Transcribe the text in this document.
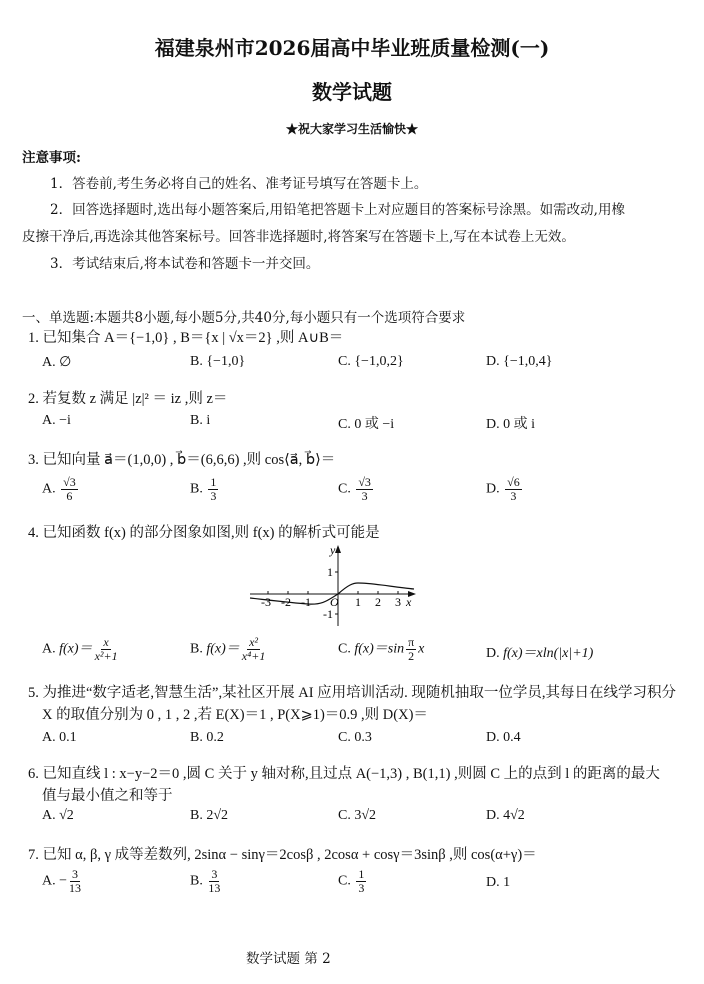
福建泉州市2026届高中毕业班质量检测(一)
数学试题
★祝大家学习生活愉快★
注意事项:
1．答卷前,考生务必将自己的姓名、准考证号填写在答题卡上。
2．回答选择题时,选出每小题答案后,用铅笔把答题卡上对应题目的答案标号涂黑。如需改动,用橡
皮擦干净后,再选涂其他答案标号。回答非选择题时,将答案写在答题卡上,写在本试卷上无效。
3．考试结束后,将本试卷和答题卡一并交回。
一、单选题:本题共8小题,每小题5分,共40分,每小题只有一个选项符合要求
1. 已知集合 A＝{−1,0} , B＝{x | √x＝2} ,则 A∪B＝
A. ∅	B. {−1,0}	C. {−1,0,2}	D. {−1,0,4}
2. 若复数 z 满足 |z|² ＝ iz ,则 z＝
A. −i	B. i	C. 0 或 −i	D. 0 或 i
3. 已知向量 a⃗＝(1,0,0) , b⃗＝(6,6,6) ,则 cos⟨a⃗, b⃗⟩＝
A. $\frac{√3}{6}$	B. $\frac{1}{3}$	C. $\frac{√3}{3}$	D. $\frac{√6}{3}$
4. 已知函数 f(x) 的部分图象如图,则 f(x) 的解析式可能是
y
x
O
-3 -2 -1	1 2 3
1
-1
A. $f(x)= \frac{x}{\text{x²+1}}$	B. $f(x)= \frac{\text{x²}}{\text{x⁴+1}}$	C. $f(x)=\sin \frac{\pi}{2}$ x	D. f(x)＝xln(|x|+1)
5. 为推进“数字适老,智慧生活”,某社区开展 AI 应用培训活动. 现随机抽取一位学员,其每日在线学习积分
X 的取值分别为 0 , 1 , 2 ,若 E(X)＝1 , P(X⩾1)＝0.9 ,则 D(X)＝
A. 0.1	B. 0.2	C. 0.3	D. 0.4
6. 已知直线 l : x−y−2＝0 ,圆 C 关于 y 轴对称,且过点 A(−1,3) , B(1,1) ,则圆 C 上的点到 l 的距离的最大
值与最小值之和等于
A. √2	B. 2√2	C. 3√2	D. 4√2
7. 已知 α, β, γ 成等差数列, 2sinα − sinγ＝2cosβ , 2cosα + cosγ＝3sinβ ,则 cos(α+γ)＝
A. − $\frac{3}{13}$	B. $\frac{3}{13}$	C. $\frac{1}{3}$	D. 1
数学试题 第 2
